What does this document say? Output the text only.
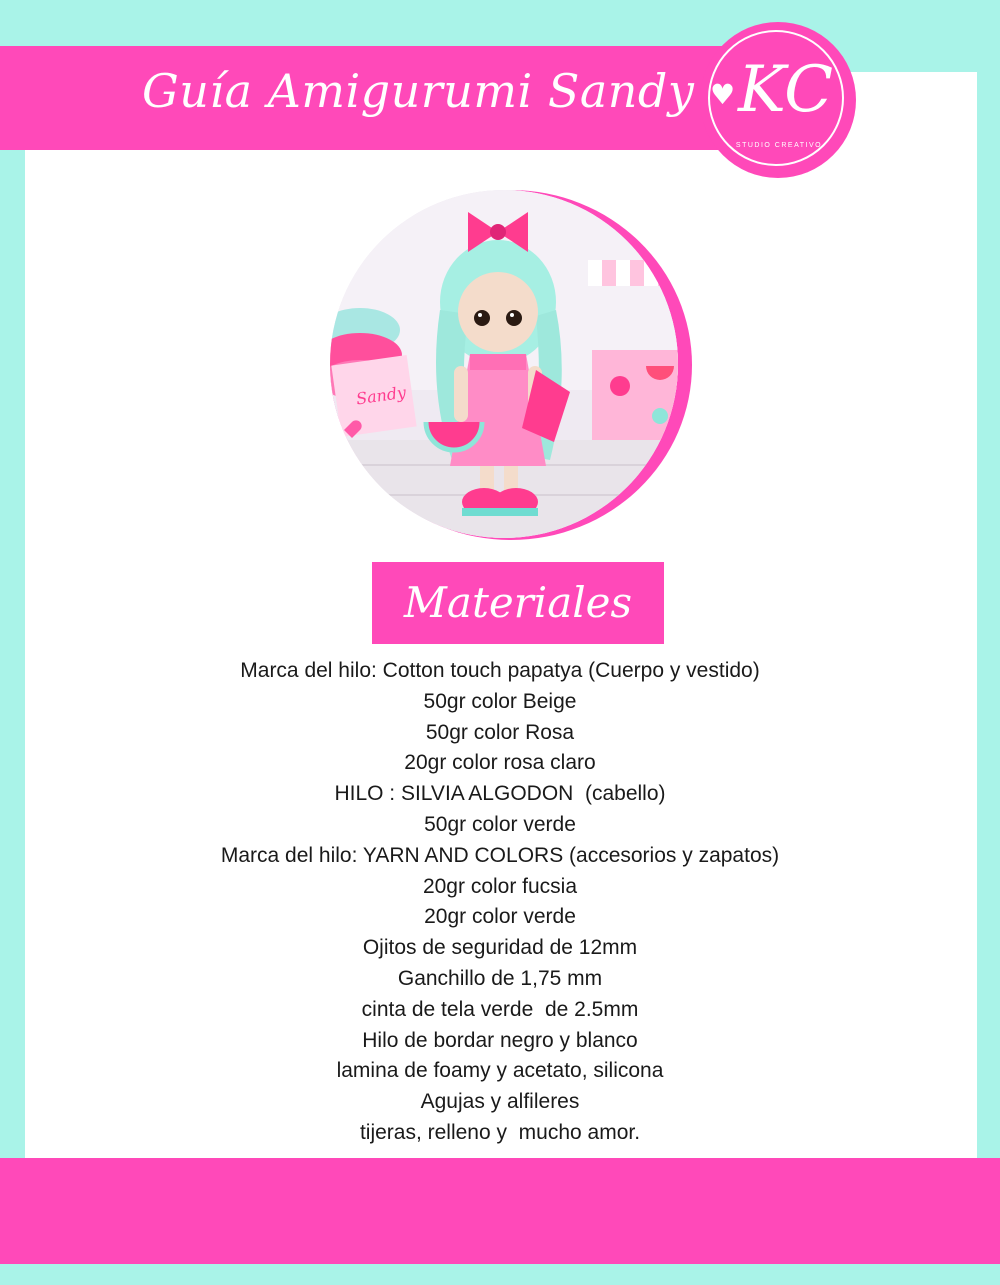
Guía Amigurumi Sandy ♥ KC
STUDIO CREATIVO
Sandy
Materiales
Marca del hilo: Cotton touch papatya (Cuerpo y vestido)
50gr color Beige
50gr color Rosa
20gr color rosa claro
HILO : SILVIA ALGODON  (cabello)
50gr color verde
Marca del hilo: YARN AND COLORS (accesorios y zapatos)
20gr color fucsia
20gr color verde
Ojitos de seguridad de 12mm
Ganchillo de 1,75 mm
cinta de tela verde  de 2.5mm
Hilo de bordar negro y blanco
lamina de foamy y acetato, silicona
Agujas y alfileres
tijeras, relleno y  mucho amor.
